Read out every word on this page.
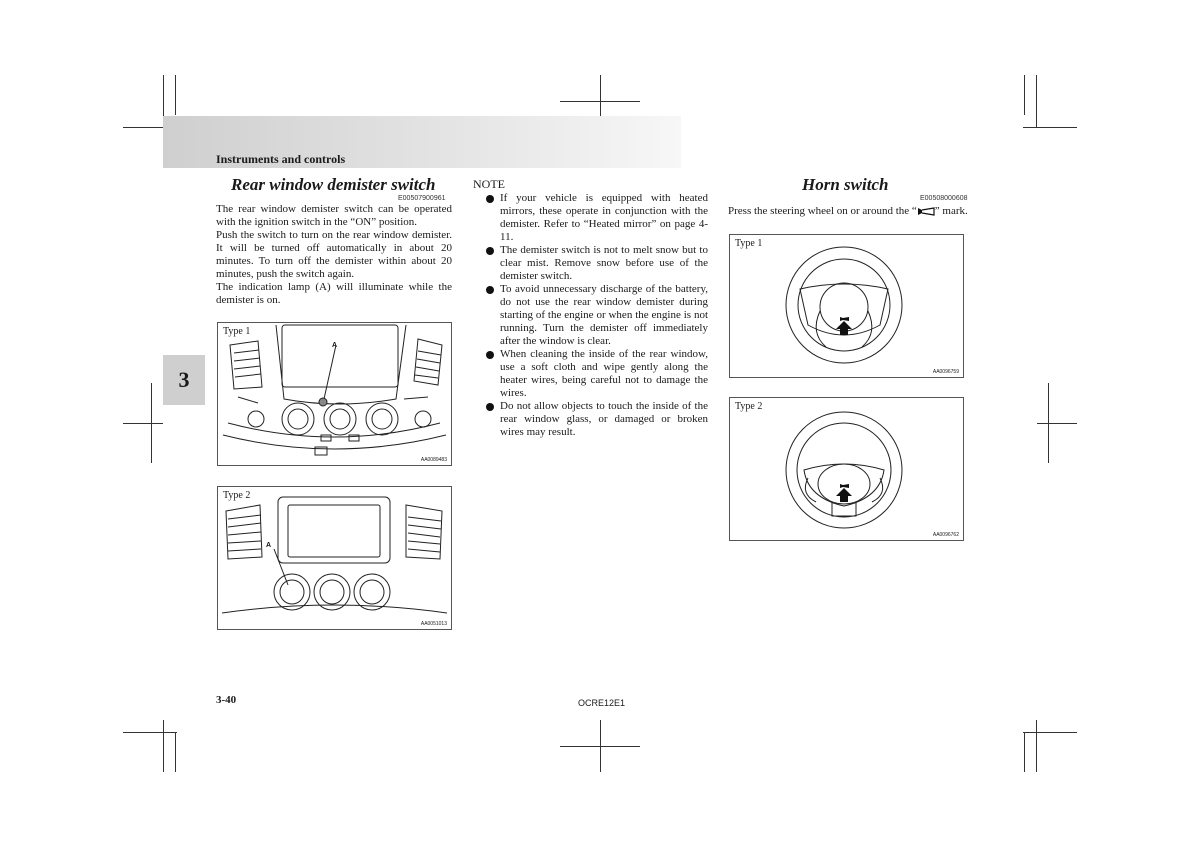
Instruments and controls
3
Rear window demister switch
E00507900961

The rear window demister switch can be operated with the ignition switch in the “ON” position.

Push the switch to turn on the rear window demister. It will be turned off automatically in about 20 minutes. To turn off the demister within about 20 minutes, push the switch again.

The indication lamp (A) will illuminate while the demister is on.

Type 1
A
AA0089483
Type 2
A
AA0051013
NOTE
If your vehicle is equipped with heated mirrors, these operate in conjunction with the demister. Refer to “Heated mirror” on page 4-11.
The demister switch is not to melt snow but to clear mist. Remove snow before use of the demister switch.
To avoid unnecessary discharge of the battery, do not use the rear window demister during starting of the engine or when the engine is not running. Turn the demister off immediately after the window is clear.
When cleaning the inside of the rear window, use a soft cloth and wipe gently along the heater wires, being careful not to damage the wires.
Do not allow objects to touch the inside of the rear window glass, or damaged or broken wires may result.
Horn switch
E00508000608
Press the steering wheel on or around the “ ” mark.
Type 1
AA0096759
Type 2
AA0096762
3-40	OCRE12E1
